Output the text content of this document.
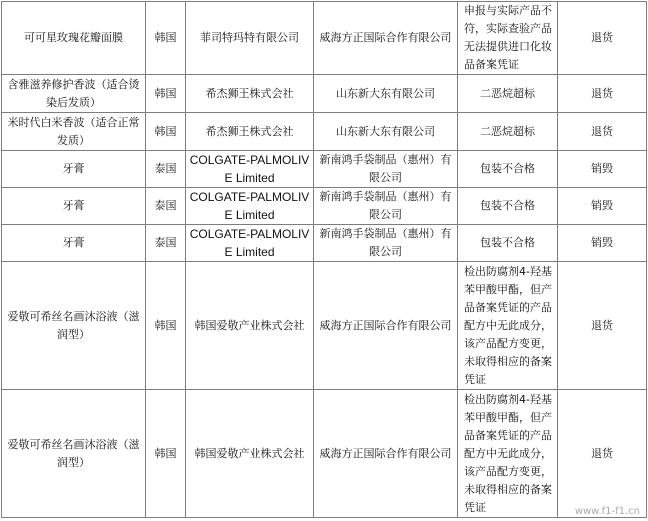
可可星玫瑰花瓣面膜	韩国	菲司特玛特有限公司	威海方正国际合作有限公司	申报与实际产品不符，实际查验产品无法提供进口化妆品备案凭证	退货
含雅滋养修护香波（适合烫染后发质）	韩国	希杰狮王株式会社	山东新大东有限公司	二恶烷超标	退货
米时代白米香波（适合正常发质）	韩国	希杰狮王株式会社	山东新大东有限公司	二恶烷超标	退货
牙膏	泰国	COLGATE-PALMOLIVE Limited	新南鸿手袋制品（惠州）有限公司	包装不合格	销毁
牙膏	泰国	COLGATE-PALMOLIVE Limited	新南鸿手袋制品（惠州）有限公司	包装不合格	销毁
牙膏	泰国	COLGATE-PALMOLIVE Limited	新南鸿手袋制品（惠州）有限公司	包装不合格	销毁
爱敬可希丝名画沐浴液（滋润型）	韩国	韩国爱敬产业株式会社	威海方正国际合作有限公司	检出防腐剂4-羟基苯甲酸甲酯，但产品备案凭证的产品配方中无此成分，该产品配方变更，未取得相应的备案凭证	退货
爱敬可希丝名画沐浴液（滋润型）	韩国	韩国爱敬产业株式会社	威海方正国际合作有限公司	检出防腐剂4-羟基苯甲酸甲酯，但产品备案凭证的产品配方中无此成分，该产品配方变更，未取得相应的备案凭证	退货
www.f1-f1.cn
